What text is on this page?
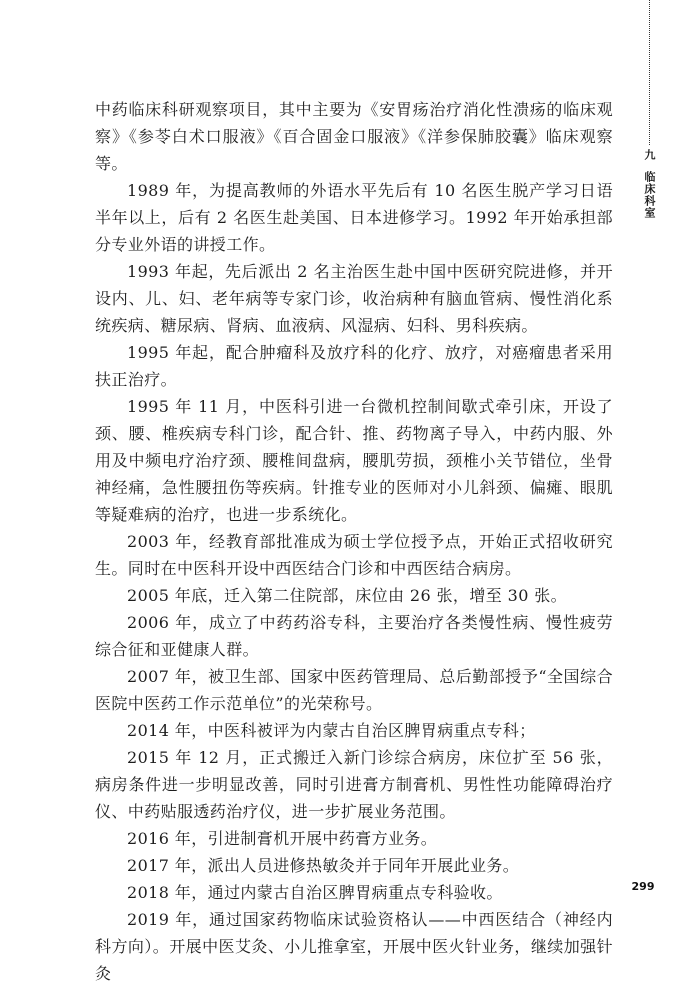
九
临床科室

中药临床科研观察项目，其中主要为《安胃疡治疗消化性溃疡的临床观察》《参苓白术口服液》《百合固金口服液》《洋参保肺胶囊》临床观察等。

1989 年，为提高教师的外语水平先后有 10 名医生脱产学习日语半年以上，后有 2 名医生赴美国、日本进修学习。1992 年开始承担部分专业外语的讲授工作。

1993 年起，先后派出 2 名主治医生赴中国中医研究院进修，并开设内、儿、妇、老年病等专家门诊，收治病种有脑血管病、慢性消化系统疾病、糖尿病、肾病、血液病、风湿病、妇科、男科疾病。

1995 年起，配合肿瘤科及放疗科的化疗、放疗，对癌瘤患者采用扶正治疗。

1995 年 11 月，中医科引进一台微机控制间歇式牵引床，开设了颈、腰、椎疾病专科门诊，配合针、推、药物离子导入，中药内服、外用及中频电疗治疗颈、腰椎间盘病，腰肌劳损，颈椎小关节错位，坐骨神经痛，急性腰扭伤等疾病。针推专业的医师对小儿斜颈、偏瘫、眼肌等疑难病的治疗，也进一步系统化。

2003 年，经教育部批准成为硕士学位授予点，开始正式招收研究生。同时在中医科开设中西医结合门诊和中西医结合病房。

2005 年底，迁入第二住院部，床位由 26 张，增至 30 张。

2006 年，成立了中药药浴专科，主要治疗各类慢性病、慢性疲劳综合征和亚健康人群。

2007 年，被卫生部、国家中医药管理局、总后勤部授予“全国综合医院中医药工作示范单位”的光荣称号。

2014 年，中医科被评为内蒙古自治区脾胃病重点专科；

2015 年 12 月，正式搬迁入新门诊综合病房，床位扩至 56 张，病房条件进一步明显改善，同时引进膏方制膏机、男性性功能障碍治疗仪、中药贴服透药治疗仪，进一步扩展业务范围。

2016 年，引进制膏机开展中药膏方业务。

2017 年，派出人员进修热敏灸并于同年开展此业务。

2018 年，通过内蒙古自治区脾胃病重点专科验收。

2019 年，通过国家药物临床试验资格认——中西医结合（神经内科方向）。开展中医艾灸、小儿推拿室，开展中医火针业务，继续加强针灸

299
